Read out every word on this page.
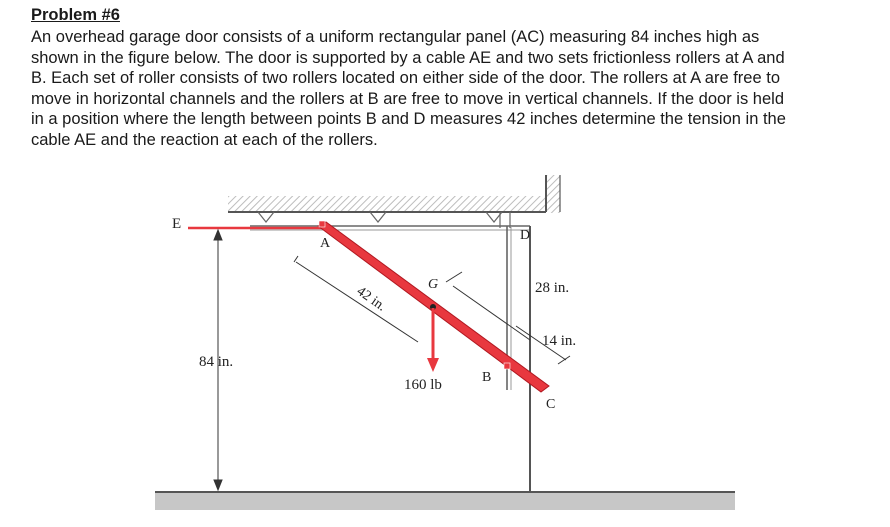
Problem #6
An overhead garage door consists of a uniform rectangular panel (AC) measuring 84 inches high as
shown in the figure below. The door is supported by a cable AE and two sets frictionless rollers at A and
B. Each set of roller consists of two rollers located on either side of the door. The rollers at A are free to
move in horizontal channels and the rollers at B are free to move in vertical channels. If the door is held
in a position where the length between points B and D measures 42 inches determine the tension in the
cable AE and the reaction at each of the rollers.
E
A
G
D
B
C
84 in.
42 in.	28 in.
14 in.
160 lb
